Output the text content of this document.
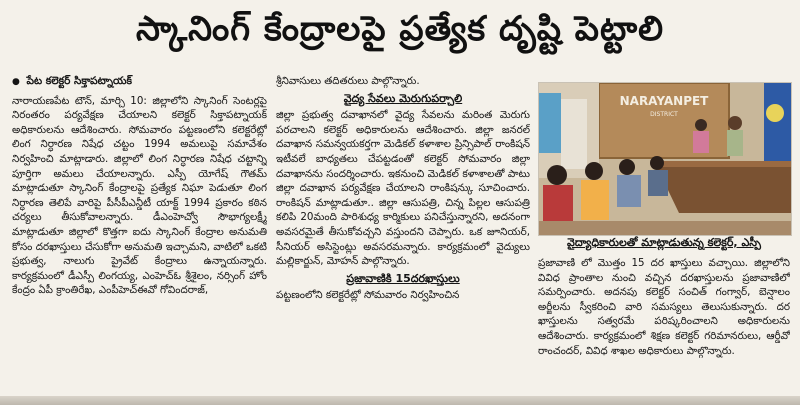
స్కానింగ్ కేంద్రాలపై ప్రత్యేక దృష్టి పెట్టాలి
● పేట కలెక్టర్ సిక్తాపట్నాయక్

నారాయణపేట టౌన్, మార్చి 10: జిల్లాలోని స్కానింగ్ సెంటర్లపై నిరంతరం పర్యవేక్షణ చేయాలని కలెక్టర్ సిక్తాపట్నాయక్ అధికారులను ఆదేశించారు. సోమవారం పట్టణంలోని కలెక్టరేట్లో లింగ నిర్ధారణ నిషేధ చట్టం 1994 అమలుపై సమావేశం నిర్వహించి మాట్లాడారు. జిల్లాలో లింగ నిర్ధారణ నిషేధ చట్టాన్ని పూర్తిగా అమలు చేయాలన్నారు. ఎస్పీ యోగేష్ గౌతమ్ మాట్లాడుతూ స్కానింగ్ కేంద్రాలపై ప్రత్యేక నిఘా పెడుతూ లింగ నిర్ధారణ తెలిపే వారిపై పీసీపీఎన్డీటీ యాక్ట్ 1994 ప్రకారం కఠిన చర్యలు తీసుకోవాలన్నారు. డీఎంహెచ్వో సౌభాగ్యలక్ష్మీ మాట్లాడుతూ జిల్లాలో కొత్తగా ఐదు స్కానింగ్ కేంద్రాల అనుమతి కోసం దరఖాస్తులు చేసుకోగా అనుమతి ఇచ్చామని, వాటిలో ఒకటి ప్రభుత్వ, నాలుగు ప్రైవేట్ కేంద్రాలు ఉన్నాయన్నారు. కార్యక్రమంలో డీఎస్పీ లింగయ్య, ఎంహెచ్ఓ శ్రీశైలం, నర్సింగ్ హోం కేంద్రం ఏపీ క్రాంతిరేఖ, ఎంపీహెచ్ఈవో గోవిందరాజ్,

శ్రీనివాసులు తదితరులు పాల్గొన్నారు.

వైద్య సేవలు మెరుగుపర్చాలి

జిల్లా ప్రభుత్వ దవాఖానలో వైద్య సేవలను మరింత మెరుగు పరచాలని కలెక్టర్ అధికారులను ఆదేశించారు. జిల్లా జనరల్ దవాఖాన సమన్వయకర్తగా మెడికల్ కళాశాల ప్రిన్సిపాల్ రాంకిషన్ ఇటీవలే బాధ్యతలు చేపట్టడంతో కలెక్టర్ సోమవారం జిల్లా దవాఖానను సందర్శించారు. ఇకనుంచి మెడికల్ కళాశాలతో పాటు జిల్లా దవాఖాన పర్యవేక్షణ చేయాలని రాంకిషన్కు సూచించారు. రాంకిషన్ మాట్లాడుతూ.. జిల్లా ఆసుపత్రి, చిన్న పిల్లల ఆసుపత్రి కలిపి 20మంది పారిశుధ్య కార్మికులు పనిచేస్తున్నారని, అదనంగా అవసరమైతే తీసుకోవచ్చని వస్తుందని చెప్పారు. ఒక జూనియర్, సీనియర్ అసిస్టెంట్లు అవసరమన్నారు. కార్యక్రమంలో వైద్యులు మల్లికార్జున్, మోహన్ పాల్గొన్నారు.

ప్రజావాణికి 15దరఖాస్తులు

పట్టణంలోని కలెక్టరేట్లో సోమవారం నిర్వహించిన

NARAYANPET
DISTRICT
వైద్యాధికారులతో మాట్లాడుతున్న కలెక్టర్, ఎస్పీ

ప్రజావాణి లో మొత్తం 15 దర ఖాస్తులు వచ్చాయి. జిల్లాలోని వివిధ ప్రాంతాల నుంచి వచ్చిన దరఖాస్తులను ప్రజావాణిలో సమర్పించారు. అదనపు కలెక్టర్ సంచిత్ గంగ్వార్, బెన్షాలం అర్జీలను స్వీకరించి వారి సమస్యలు తెలుసుకున్నారు. దర ఖాస్తులను సత్వరమే పరిష్కరించాలని అధికారులను ఆదేశించారు. కార్యక్రమంలో శిక్షణ కలెక్టర్ గరిమానరులు, ఆర్డీవో రాంచందర్, వివిధ శాఖల అధికారులు పాల్గొన్నారు.
